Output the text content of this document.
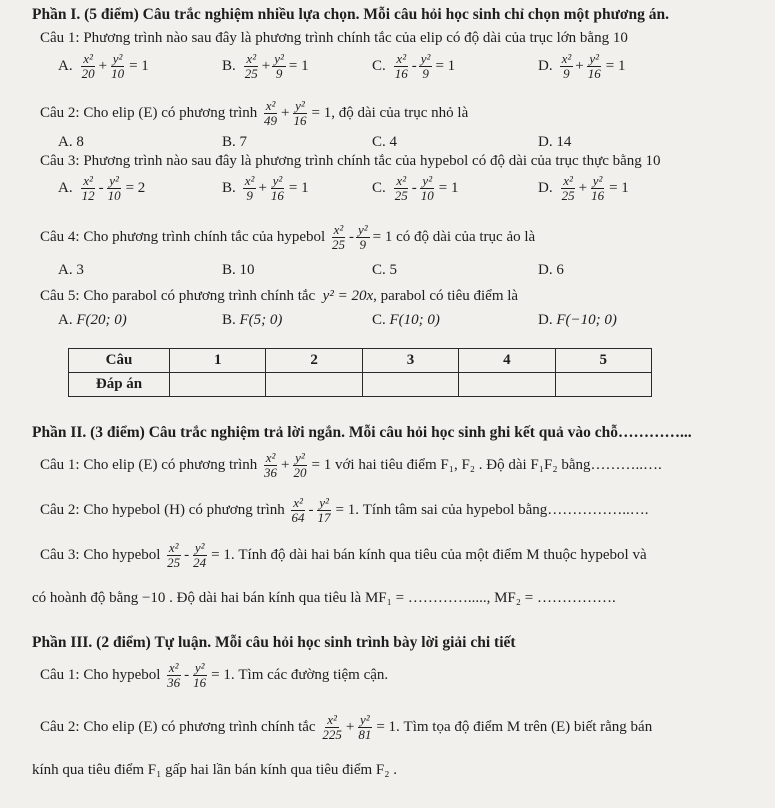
Phần I. (5 điểm) Câu trắc nghiệm nhiều lựa chọn. Mỗi câu hỏi học sinh chỉ chọn một phương án.
Câu 1: Phương trình nào sau đây là phương trình chính tắc của elip có độ dài của trục lớn bằng 10
A. $\frac{\text{x²}}{20} + \frac{\text{y²}}{10} = 1$	B. $\frac{\text{x²}}{25} + \frac{\text{y²}}{9} = 1$	C. $\frac{\text{x²}}{16} - \frac{\text{y²}}{9} = 1$	D. $\frac{\text{x²}}{9} + \frac{\text{y²}}{16} = 1$
Câu 2: Cho elip (E) có phương trình
$\frac{\text{x²}}{49} + \frac{\text{y²}}{16} = 1$,
độ dài của trục nhỏ là
A. 8	B. 7	C. 4	D. 14
Câu 3: Phương trình nào sau đây là phương trình chính tắc của hypebol có độ dài của trục thực bằng 10
A. $\frac{\text{x²}}{12} - \frac{\text{y²}}{10} = 2$	B. $\frac{\text{x²}}{9} + \frac{\text{y²}}{16} = 1$	C. $\frac{\text{x²}}{25} - \frac{\text{y²}}{10} = 1$	D. $\frac{\text{x²}}{25} + \frac{\text{y²}}{16} = 1$
Câu 4: Cho phương trình chính tắc của hypebol
$\frac{\text{x²}}{25} - \frac{\text{y²}}{9} = 1$
có độ dài của trục ảo là
A. 3	B. 10	C. 5	D. 6
Câu 5: Cho parabol có phương trình chính tắc y² = 20x, parabol có tiêu điểm là
A. F(20; 0)	B. F(5; 0)	C. F(10; 0)	D. F(−10; 0)
Câu	1	2	3	4	5
Đáp án					
Phần II. (3 điểm) Câu trắc nghiệm trả lời ngắn. Mỗi câu hỏi học sinh ghi kết quả vào chỗ…………...
Câu 1: Cho elip (E) có phương trình
$\frac{\text{x²}}{36} + \frac{\text{y²}}{20} = 1$
với hai tiêu điểm F₁, F₂ . Độ dài F₁F₂ bằng………..….
Câu 2: Cho hypebol (H) có phương trình
$\frac{\text{x²}}{64} - \frac{\text{y²}}{17} = 1$.
Tính tâm sai của hypebol bằng……………..….
Câu 3: Cho hypebol
$\frac{\text{x²}}{25} - \frac{\text{y²}}{24} = 1$.
Tính độ dài hai bán kính qua tiêu của một điểm M thuộc hypebol và
có hoành độ bằng −10 . Độ dài hai bán kính qua tiêu là MF₁ = …………....., MF₂ = …………….
Phần III. (2 điểm) Tự luận. Mỗi câu hỏi học sinh trình bày lời giải chi tiết
Câu 1: Cho hypebol
$\frac{\text{x²}}{36} - \frac{\text{y²}}{16} = 1$.
Tìm các đường tiệm cận.
Câu 2: Cho elip (E) có phương trình chính tắc
$\frac{\text{x²}}{225} + \frac{\text{y²}}{81} = 1$.
Tìm tọa độ điểm M trên (E) biết rằng bán
kính qua tiêu điểm F₁ gấp hai lần bán kính qua tiêu điểm F₂ .
